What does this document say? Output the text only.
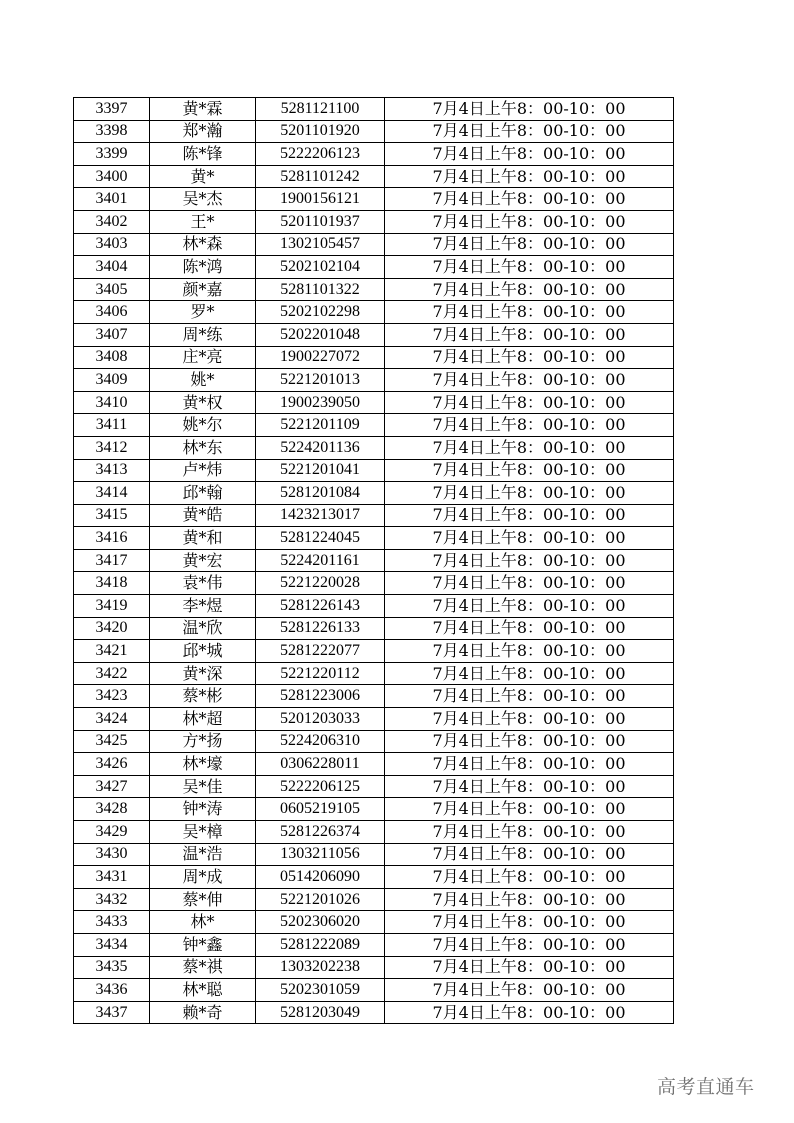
3397	黄*霖	5281121100	7月4日上午8：00-10：00
3398	郑*瀚	5201101920	7月4日上午8：00-10：00
3399	陈*锋	5222206123	7月4日上午8：00-10：00
3400	黄*	5281101242	7月4日上午8：00-10：00
3401	吴*杰	1900156121	7月4日上午8：00-10：00
3402	王*	5201101937	7月4日上午8：00-10：00
3403	林*森	1302105457	7月4日上午8：00-10：00
3404	陈*鸿	5202102104	7月4日上午8：00-10：00
3405	颜*嘉	5281101322	7月4日上午8：00-10：00
3406	罗*	5202102298	7月4日上午8：00-10：00
3407	周*练	5202201048	7月4日上午8：00-10：00
3408	庄*亮	1900227072	7月4日上午8：00-10：00
3409	姚*	5221201013	7月4日上午8：00-10：00
3410	黄*权	1900239050	7月4日上午8：00-10：00
3411	姚*尔	5221201109	7月4日上午8：00-10：00
3412	林*东	5224201136	7月4日上午8：00-10：00
3413	卢*炜	5221201041	7月4日上午8：00-10：00
3414	邱*翰	5281201084	7月4日上午8：00-10：00
3415	黄*皓	1423213017	7月4日上午8：00-10：00
3416	黄*和	5281224045	7月4日上午8：00-10：00
3417	黄*宏	5224201161	7月4日上午8：00-10：00
3418	袁*伟	5221220028	7月4日上午8：00-10：00
3419	李*煜	5281226143	7月4日上午8：00-10：00
3420	温*欣	5281226133	7月4日上午8：00-10：00
3421	邱*城	5281222077	7月4日上午8：00-10：00
3422	黄*深	5221220112	7月4日上午8：00-10：00
3423	蔡*彬	5281223006	7月4日上午8：00-10：00
3424	林*超	5201203033	7月4日上午8：00-10：00
3425	方*扬	5224206310	7月4日上午8：00-10：00
3426	林*壕	0306228011	7月4日上午8：00-10：00
3427	吴*佳	5222206125	7月4日上午8：00-10：00
3428	钟*涛	0605219105	7月4日上午8：00-10：00
3429	吴*樟	5281226374	7月4日上午8：00-10：00
3430	温*浩	1303211056	7月4日上午8：00-10：00
3431	周*成	0514206090	7月4日上午8：00-10：00
3432	蔡*伸	5221201026	7月4日上午8：00-10：00
3433	林*	5202306020	7月4日上午8：00-10：00
3434	钟*鑫	5281222089	7月4日上午8：00-10：00
3435	蔡*祺	1303202238	7月4日上午8：00-10：00
3436	林*聪	5202301059	7月4日上午8：00-10：00
3437	赖*奇	5281203049	7月4日上午8：00-10：00
高考直通车
